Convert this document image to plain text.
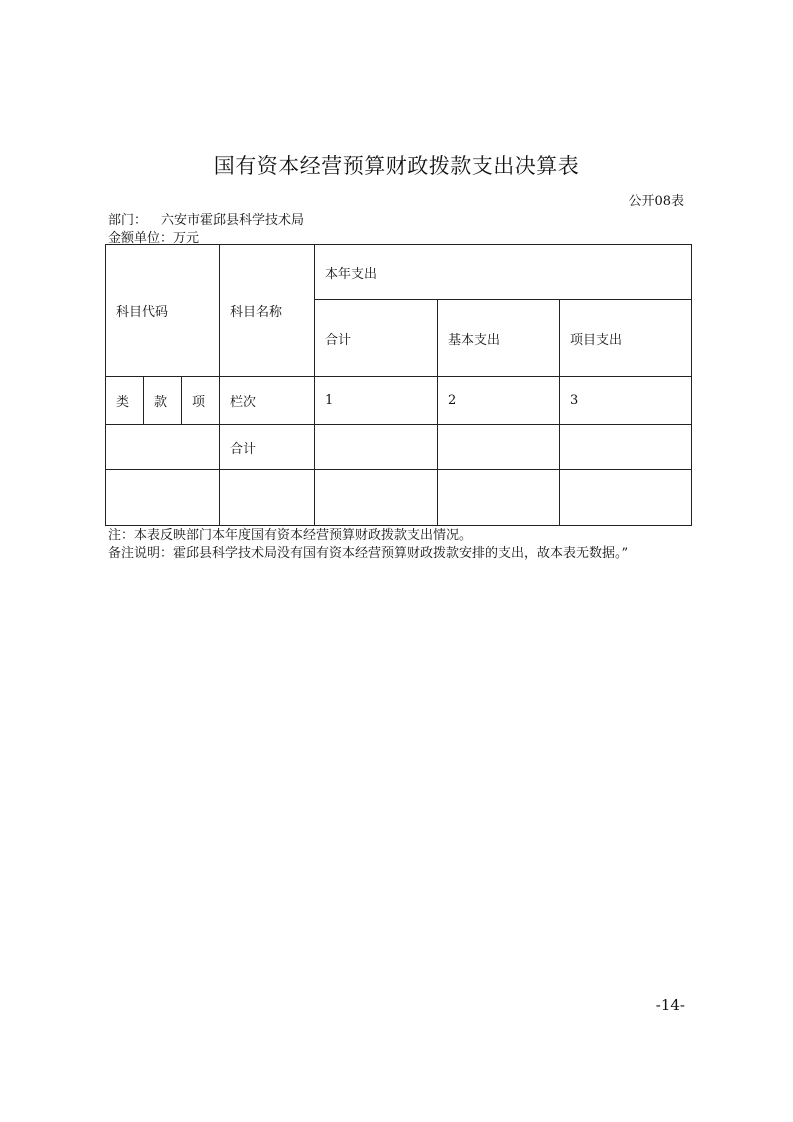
国有资本经营预算财政拨款支出决算表
公开08表
部门： 六安市霍邱县科学技术局
金额单位：万元
科目代码			科目名称	本年支出		
				合计	基本支出	项目支出
类	款	项	栏次	1	2	3
			合计			

注：本表反映部门本年度国有资本经营预算财政拨款支出情况。
备注说明：霍邱县科学技术局没有国有资本经营预算财政拨款安排的支出，故本表无数据。”
-14-
